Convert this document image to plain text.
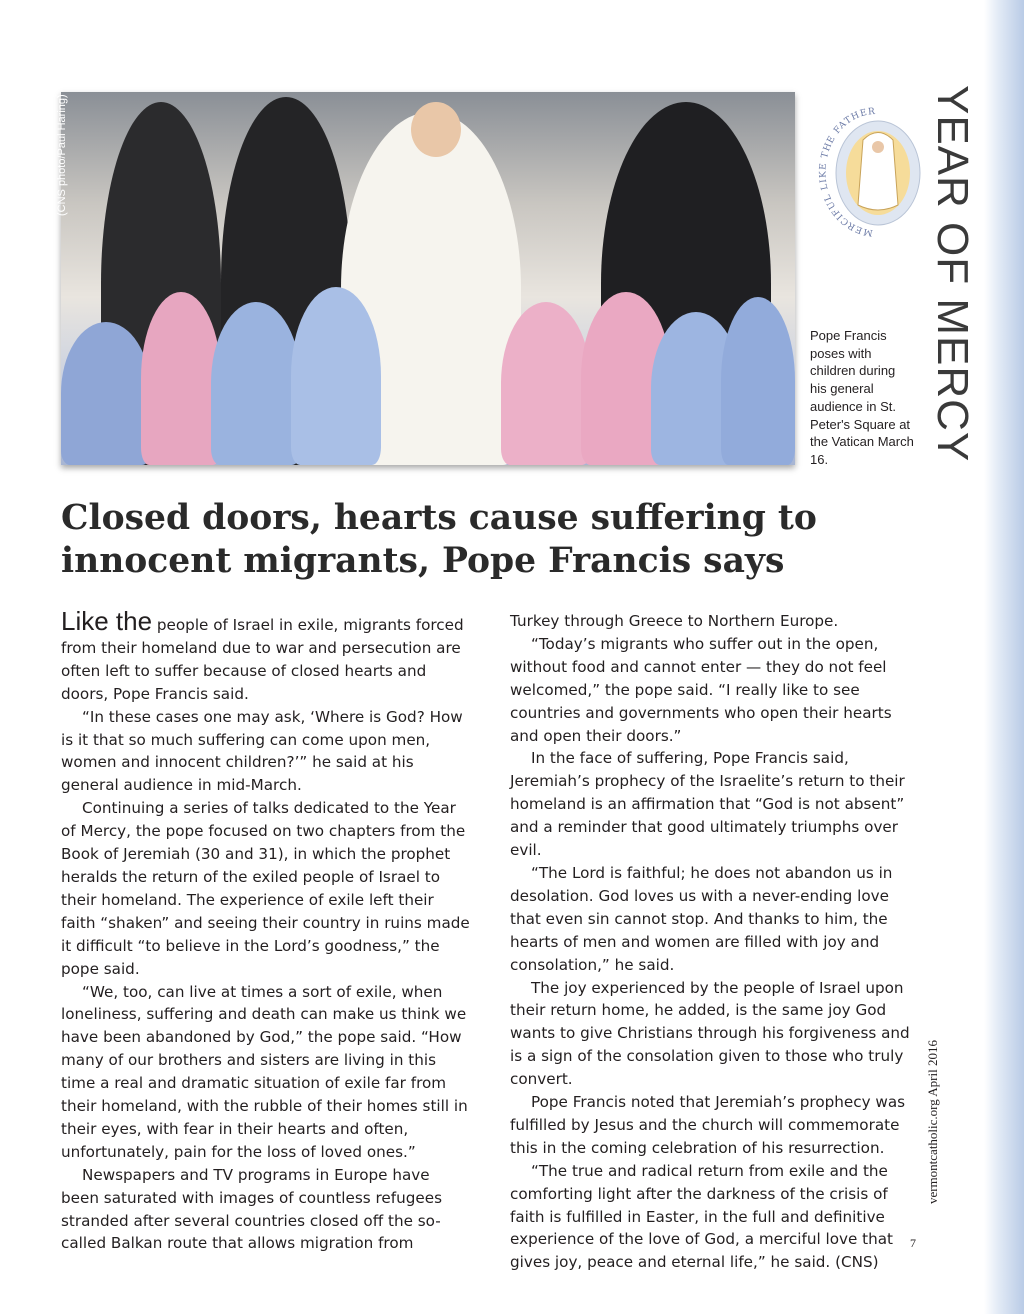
(CNS photo/Paul Haring)
MERCIFUL LIKE THE FATHER YEAR OF MERCY
Pope Francis poses with children during his general audience in St. Peter's Square at the Vatican March 16.
Closed doors, hearts cause suffering to innocent migrants, Pope Francis says

Like the people of Israel in exile, migrants forced from their homeland due to war and persecution are often left to suffer because of closed hearts and doors, Pope Francis said.

“In these cases one may ask, ‘Where is God? How is it that so much suffering can come upon men, women and innocent children?’” he said at his general audience in mid-March.

Continuing a series of talks dedicated to the Year of Mercy, the pope focused on two chapters from the Book of Jeremiah (30 and 31), in which the prophet heralds the return of the exiled people of Israel to their homeland. The experience of exile left their faith “shaken” and seeing their country in ruins made it difficult “to believe in the Lord’s goodness,” the pope said.

“We, too, can live at times a sort of exile, when loneliness, suffering and death can make us think we have been abandoned by God,” the pope said. “How many of our brothers and sisters are living in this time a real and dramatic situation of exile far from their homeland, with the rubble of their homes still in their eyes, with fear in their hearts and often, unfortunately, pain for the loss of loved ones.”

Newspapers and TV programs in Europe have been saturated with images of countless refugees stranded after several countries closed off the so-called Balkan route that allows migration from

Turkey through Greece to Northern Europe.

“Today’s migrants who suffer out in the open, without food and cannot enter — they do not feel welcomed,” the pope said. “I really like to see countries and governments who open their hearts and open their doors.”

In the face of suffering, Pope Francis said, Jeremiah’s prophecy of the Israelite’s return to their homeland is an affirmation that “God is not absent” and a reminder that good ultimately triumphs over evil.

“The Lord is faithful; he does not abandon us in desolation. God loves us with a never-ending love that even sin cannot stop. And thanks to him, the hearts of men and women are filled with joy and consolation,” he said.

The joy experienced by the people of Israel upon their return home, he added, is the same joy God wants to give Christians through his forgiveness and is a sign of the consolation given to those who truly convert.

Pope Francis noted that Jeremiah’s prophecy was fulfilled by Jesus and the church will commemorate this in the coming celebration of his resurrection.

“The true and radical return from exile and the comforting light after the darkness of the crisis of faith is fulfilled in Easter, in the full and definitive experience of the love of God, a merciful love that gives joy, peace and eternal life,” he said. (CNS)

vermontcatholic.org April 2016
7
